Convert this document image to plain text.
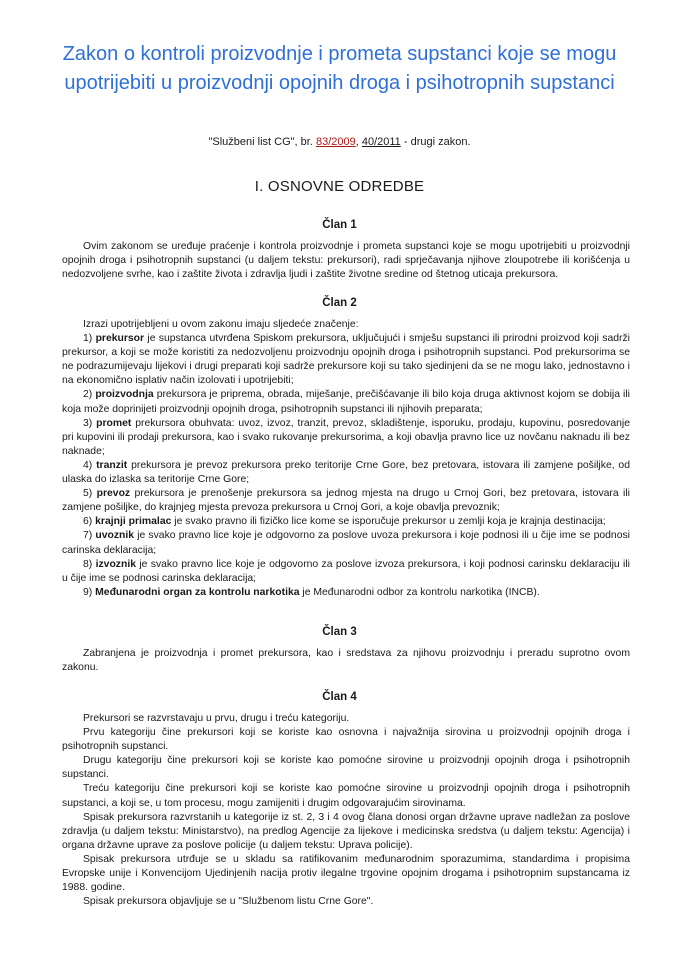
Zakon o kontroli proizvodnje i prometa supstanci koje se mogu upotrijebiti u proizvodnji opojnih droga i psihotropnih supstanci
"Službeni list CG", br. 83/2009, 40/2011 - drugi zakon.
I. OSNOVNE ODREDBE
Član 1

Ovim zakonom se uređuje praćenje i kontrola proizvodnje i prometa supstanci koje se mogu upotrijebiti u proizvodnji opojnih droga i psihotropnih supstanci (u daljem tekstu: prekursori), radi sprječavanja njihove zloupotrebe ili korišćenja u nedozvoljene svrhe, kao i zaštite života i zdravlja ljudi i zaštite životne sredine od štetnog uticaja prekursora.

Član 2

Izrazi upotrijebljeni u ovom zakonu imaju sljedeće značenje:

1) prekursor je supstanca utvrđena Spiskom prekursora, uključujući i smješu supstanci ili prirodni proizvod koji sadrži prekursor, a koji se može koristiti za nedozvoljenu proizvodnju opojnih droga i psihotropnih supstanci. Pod prekursorima se ne podrazumijevaju lijekovi i drugi preparati koji sadrže prekursore koji su tako sjedinjeni da se ne mogu lako, jednostavno i na ekonomično isplativ način izolovati i upotrijebiti;

2) proizvodnja prekursora je priprema, obrada, miješanje, prečišćavanje ili bilo koja druga aktivnost kojom se dobija ili koja može doprinijeti proizvodnji opojnih droga, psihotropnih supstanci ili njihovih preparata;

3) promet prekursora obuhvata: uvoz, izvoz, tranzit, prevoz, skladištenje, isporuku, prodaju, kupovinu, posredovanje pri kupovini ili prodaji prekursora, kao i svako rukovanje prekursorima, a koji obavlja pravno lice uz novčanu naknadu ili bez naknade;

4) tranzit prekursora je prevoz prekursora preko teritorije Crne Gore, bez pretovara, istovara ili zamjene pošiljke, od ulaska do izlaska sa teritorije Crne Gore;

5) prevoz prekursora je prenošenje prekursora sa jednog mjesta na drugo u Crnoj Gori, bez pretovara, istovara ili zamjene pošiljke, do krajnjeg mjesta prevoza prekursora u Crnoj Gori, a koje obavlja prevoznik;

6) krajnji primalac je svako pravno ili fizičko lice kome se isporučuje prekursor u zemlji koja je krajnja destinacija;

7) uvoznik je svako pravno lice koje je odgovorno za poslove uvoza prekursora i koje podnosi ili u čije ime se podnosi carinska deklaracija;

8) izvoznik je svako pravno lice koje je odgovorno za poslove izvoza prekursora, i koji podnosi carinsku deklaraciju ili u čije ime se podnosi carinska deklaracija;

9) Međunarodni organ za kontrolu narkotika je Međunarodni odbor za kontrolu narkotika (INCB).

Član 3

Zabranjena je proizvodnja i promet prekursora, kao i sredstava za njihovu proizvodnju i preradu suprotno ovom zakonu.

Član 4

Prekursori se razvrstavaju u prvu, drugu i treću kategoriju.

Prvu kategoriju čine prekursori koji se koriste kao osnovna i najvažnija sirovina u proizvodnji opojnih droga i psihotropnih supstanci.

Drugu kategoriju čine prekursori koji se koriste kao pomoćne sirovine u proizvodnji opojnih droga i psihotropnih supstanci.

Treću kategoriju čine prekursori koji se koriste kao pomoćne sirovine u proizvodnji opojnih droga i psihotropnih supstanci, a koji se, u tom procesu, mogu zamijeniti i drugim odgovarajućim sirovinama.

Spisak prekursora razvrstanih u kategorije iz st. 2, 3 i 4 ovog člana donosi organ državne uprave nadležan za poslove zdravlja (u daljem tekstu: Ministarstvo), na predlog Agencije za lijekove i medicinska sredstva (u daljem tekstu: Agencija) i organa državne uprave za poslove policije (u daljem tekstu: Uprava policije).

Spisak prekursora utrđuje se u skladu sa ratifikovanim međunarodnim sporazumima, standardima i propisima Evropske unije i Konvencijom Ujedinjenih nacija protiv ilegalne trgovine opojnim drogama i psihotropnim supstancama iz 1988. godine.

Spisak prekursora objavljuje se u "Službenom listu Crne Gore".
